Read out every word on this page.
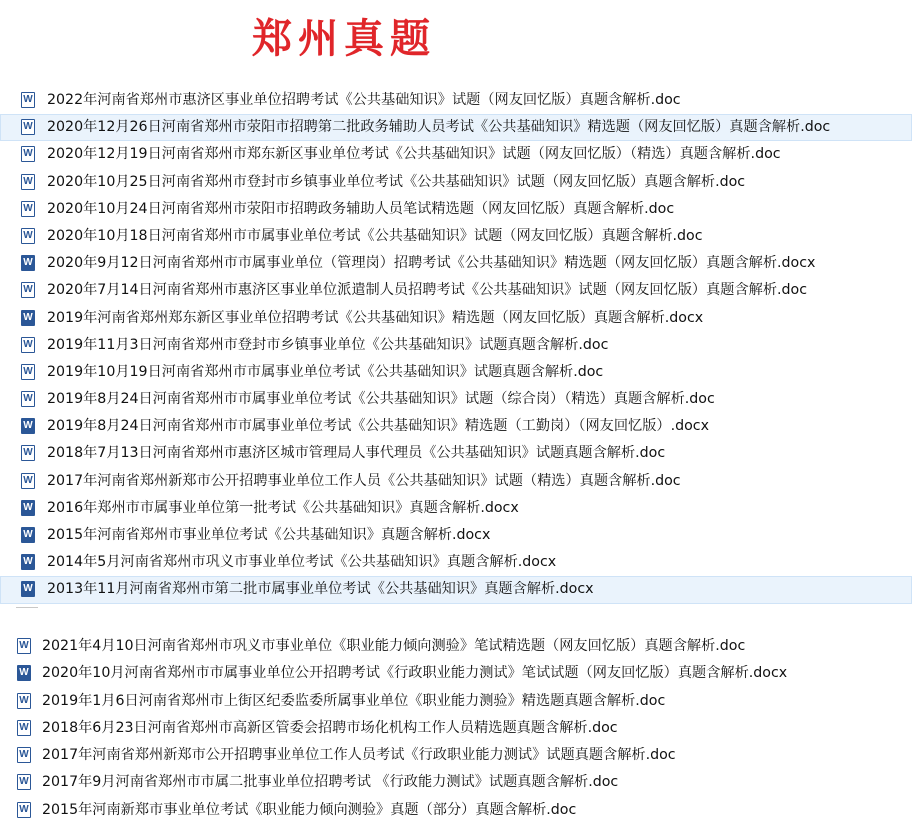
郑州真题
W 2022年河南省郑州市惠济区事业单位招聘考试《公共基础知识》试题（网友回忆版）真题含解析.doc
W 2020年12月26日河南省郑州市荥阳市招聘第二批政务辅助人员考试《公共基础知识》精选题（网友回忆版）真题含解析.doc
W 2020年12月19日河南省郑州市郑东新区事业单位考试《公共基础知识》试题（网友回忆版）（精选）真题含解析.doc
W 2020年10月25日河南省郑州市登封市乡镇事业单位考试《公共基础知识》试题（网友回忆版）真题含解析.doc
W 2020年10月24日河南省郑州市荥阳市招聘政务辅助人员笔试精选题（网友回忆版）真题含解析.doc
W 2020年10月18日河南省郑州市市属事业单位考试《公共基础知识》试题（网友回忆版）真题含解析.doc
W 2020年9月12日河南省郑州市市属事业单位（管理岗）招聘考试《公共基础知识》精选题（网友回忆版）真题含解析.docx
W 2020年7月14日河南省郑州市惠济区事业单位派遣制人员招聘考试《公共基础知识》试题（网友回忆版）真题含解析.doc
W 2019年河南省郑州郑东新区事业单位招聘考试《公共基础知识》精选题（网友回忆版）真题含解析.docx
W 2019年11月3日河南省郑州市登封市乡镇事业单位《公共基础知识》试题真题含解析.doc
W 2019年10月19日河南省郑州市市属事业单位考试《公共基础知识》试题真题含解析.doc
W 2019年8月24日河南省郑州市市属事业单位考试《公共基础知识》试题（综合岗）（精选）真题含解析.doc
W 2019年8月24日河南省郑州市市属事业单位考试《公共基础知识》精选题（工勤岗）（网友回忆版）.docx
W 2018年7月13日河南省郑州市惠济区城市管理局人事代理员《公共基础知识》试题真题含解析.doc
W 2017年河南省郑州新郑市公开招聘事业单位工作人员《公共基础知识》试题（精选）真题含解析.doc
W 2016年郑州市市属事业单位第一批考试《公共基础知识》真题含解析.docx
W 2015年河南省郑州市事业单位考试《公共基础知识》真题含解析.docx
W 2014年5月河南省郑州市巩义市事业单位考试《公共基础知识》真题含解析.docx
W 2013年11月河南省郑州市第二批市属事业单位考试《公共基础知识》真题含解析.docx
W 2021年4月10日河南省郑州市巩义市事业单位《职业能力倾向测验》笔试精选题（网友回忆版）真题含解析.doc
W 2020年10月河南省郑州市市属事业单位公开招聘考试《行政职业能力测试》笔试试题（网友回忆版）真题含解析.docx
W 2019年1月6日河南省郑州市上街区纪委监委所属事业单位《职业能力测验》精选题真题含解析.doc
W 2018年6月23日河南省郑州市高新区管委会招聘市场化机构工作人员精选题真题含解析.doc
W 2017年河南省郑州新郑市公开招聘事业单位工作人员考试《行政职业能力测试》试题真题含解析.doc
W 2017年9月河南省郑州市市属二批事业单位招聘考试 《行政能力测试》试题真题含解析.doc
W 2015年河南新郑市事业单位考试《职业能力倾向测验》真题（部分）真题含解析.doc
